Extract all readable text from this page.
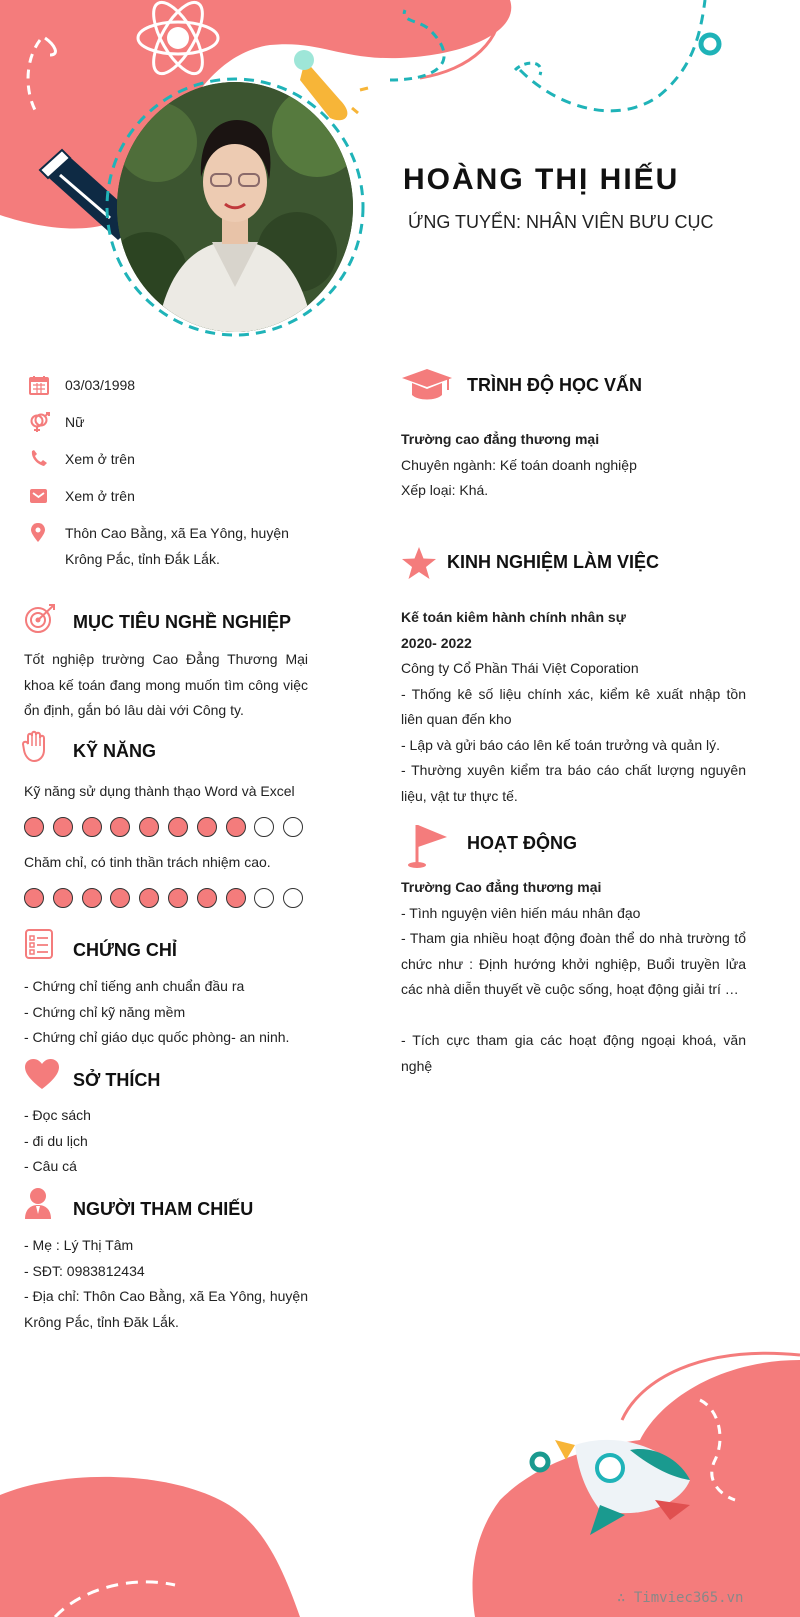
HOÀNG THỊ HIẾU
ỨNG TUYỂN: NHÂN VIÊN BƯU CỤC
03/03/1998
Nữ
Xem ở trên
Xem ở trên
Thôn Cao Bằng, xã Ea Yông, huyện Krông Pắc, tỉnh Đắk Lắk.
MỤC TIÊU NGHỀ NGHIỆP
Tốt nghiệp trường Cao Đẳng Thương Mại khoa kế toán đang mong muốn tìm công việc ổn định, gắn bó lâu dài với Công ty.
KỸ NĂNG
Kỹ năng sử dụng thành thạo Word và Excel
Chăm chỉ, có tinh thần trách nhiệm cao.
CHỨNG CHỈ
- Chứng chỉ tiếng anh chuẩn đầu ra
- Chứng chỉ kỹ năng mềm
- Chứng chỉ giáo dục quốc phòng- an ninh.
SỞ THÍCH
- Đọc sách
- đi du lịch
- Câu cá
NGƯỜI THAM CHIẾU
- Mẹ : Lý Thị Tâm
- SĐT: 0983812434
- Địa chỉ: Thôn Cao Bằng, xã Ea Yông, huyện Krông Pắc, tỉnh Đăk Lắk.
TRÌNH ĐỘ HỌC VẤN
Trường cao đẳng thương mại
Chuyên ngành: Kế toán doanh nghiệp
Xếp loại: Khá.
KINH NGHIỆM LÀM VIỆC
Kế toán kiêm hành chính nhân sự
2020- 2022
Công ty Cổ Phần Thái Việt Coporation
- Thống kê số liệu chính xác, kiểm kê xuất nhập tồn liên quan đến kho
- Lập và gửi báo cáo lên kế toán trưởng và quản lý.
- Thường xuyên kiểm tra báo cáo chất lượng nguyên liệu, vật tư thực tế.
HOẠT ĐỘNG
Trường Cao đẳng thương mại
- Tình nguyện viên hiến máu nhân đạo
- Tham gia nhiều hoạt động đoàn thể do nhà trường tổ chức như : Định hướng khởi nghiệp, Buổi truyền lửa các nhà diễn thuyết về cuộc sống, hoạt động giải trí …
- Tích cực tham gia các hoạt động ngoại khoá, văn nghệ
∴ Timviec365.vn
